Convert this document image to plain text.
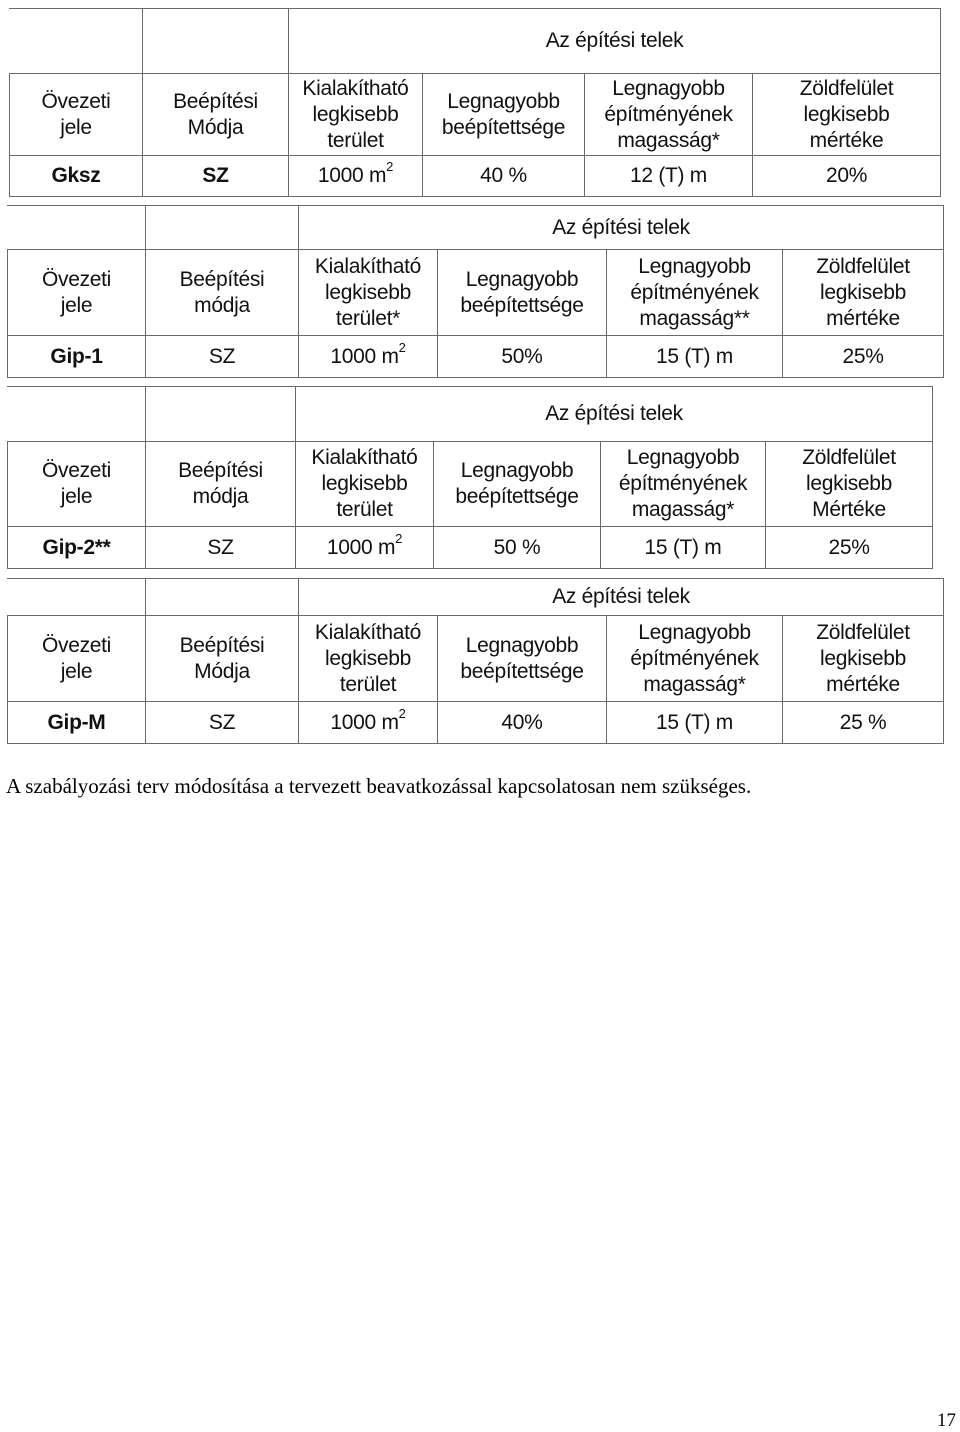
		Az építési telek			

Övezeti
jele	Beépítési
Módja	Kialakítható
legkisebb
terület	Legnagyobb
beépítettsége	Legnagyobb
építményének
magasság*	Zöldfelület
legkisebb
mértéke

Gksz	SZ	1000 $m^2$	40 %	12 (T) m	20%
		Az építési telek			

Övezeti
jele	Beépítési
módja	Kialakítható
legkisebb
terület*	Legnagyobb
beépítettsége	Legnagyobb
építményének
magasság**	Zöldfelület
legkisebb
mértéke

Gip-1	SZ	1000 $m^2$	50%	15 (T) m	25%
		Az építési telek			

Övezeti
jele	Beépítési
módja	Kialakítható
legkisebb
terület	Legnagyobb
beépítettsége	Legnagyobb
építményének
magasság*	Zöldfelület
legkisebb
Mértéke

Gip-2**	SZ	1000 $m^2$	50 %	15 (T) m	25%
		Az építési telek			

Övezeti
jele	Beépítési
Módja	Kialakítható
legkisebb
terület	Legnagyobb
beépítettsége	Legnagyobb
építményének
magasság*	Zöldfelület
legkisebb
mértéke

Gip-M	SZ	1000 $m^2$	40%	15 (T) m	25 %
A szabályozási terv módosítása a tervezett beavatkozással kapcsolatosan nem szükséges.
17
